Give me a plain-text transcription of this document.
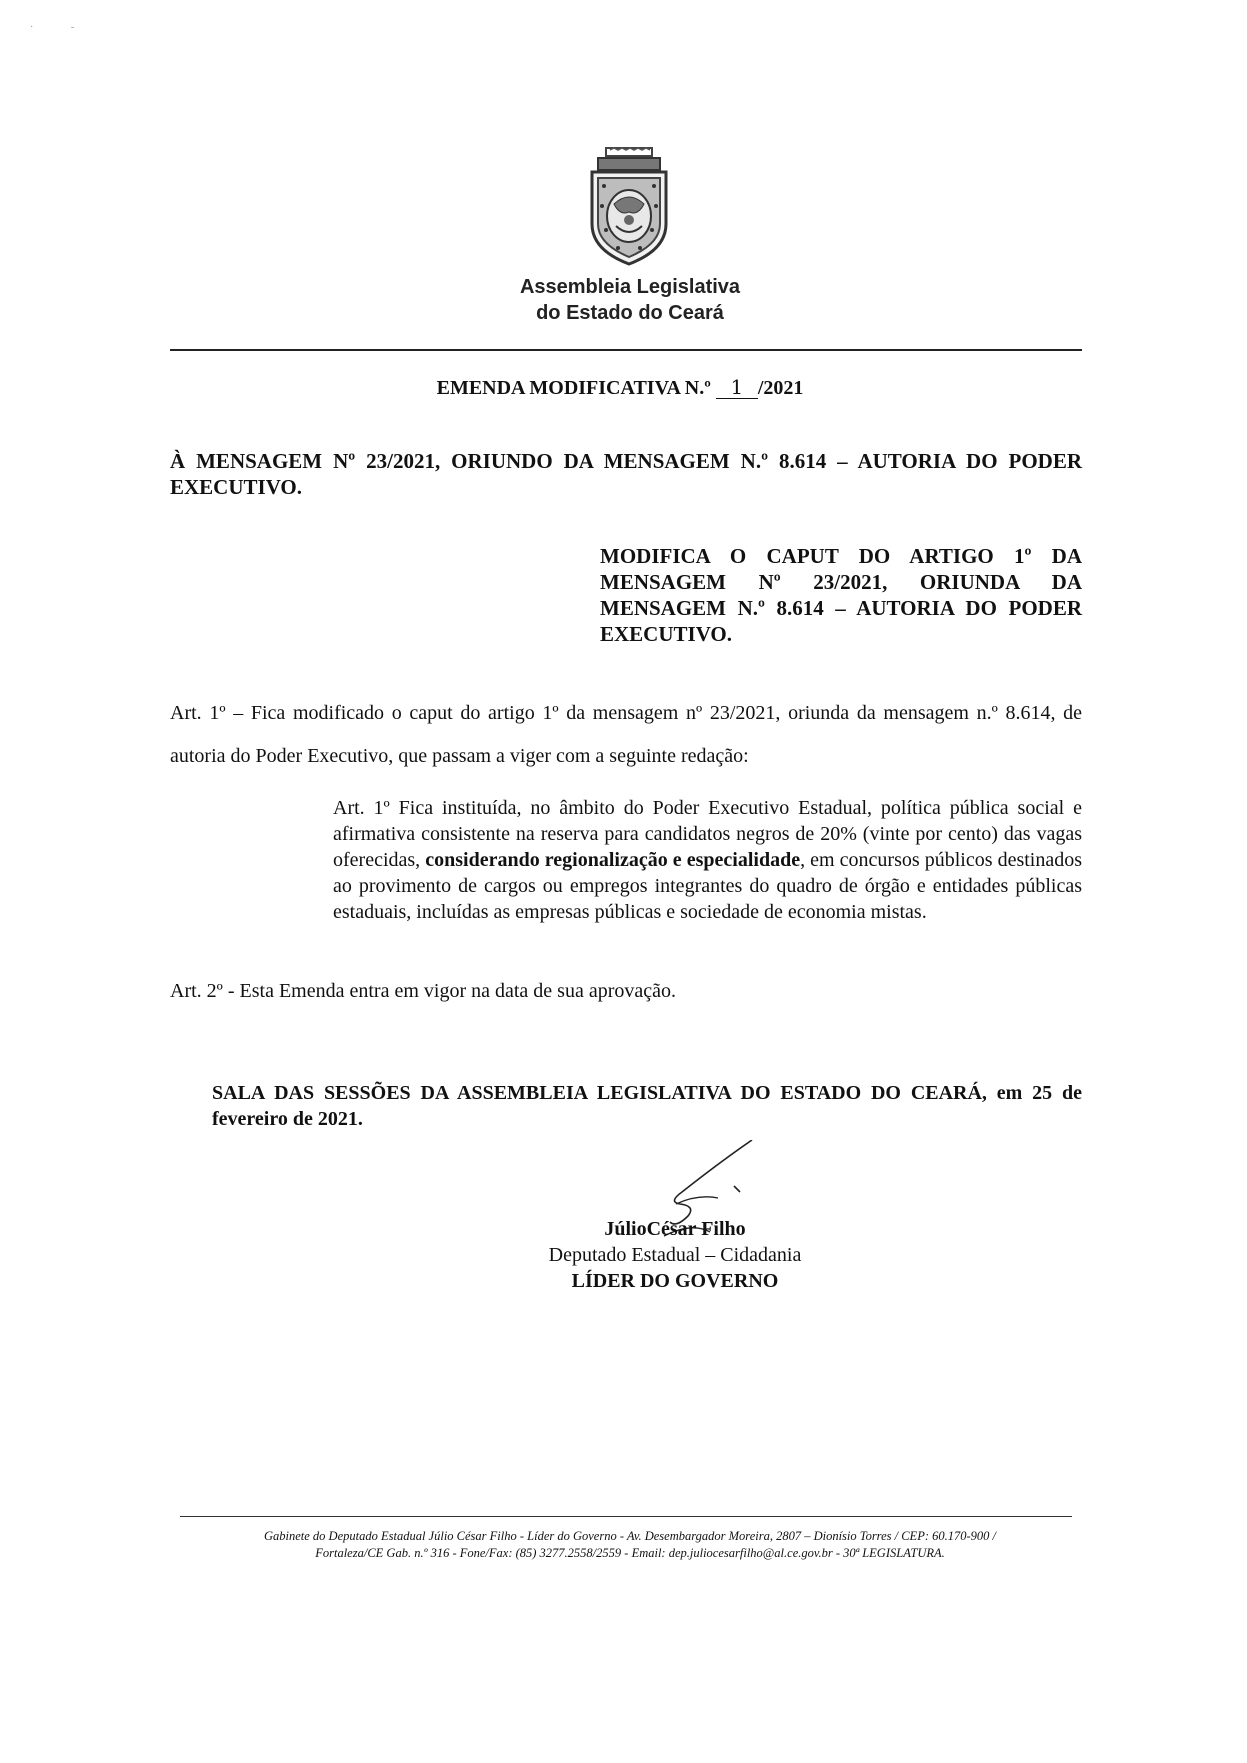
·               -
Assembleia Legislativa
do Estado do Ceará
EMENDA MODIFICATIVA N.º 1 /2021
À MENSAGEM Nº 23/2021, ORIUNDO DA MENSAGEM N.º 8.614 – AUTORIA DO PODER EXECUTIVO.
MODIFICA O CAPUT DO ARTIGO 1º DA MENSAGEM Nº 23/2021, ORIUNDA DA MENSAGEM N.º 8.614 – AUTORIA DO PODER EXECUTIVO.
Art. 1º – Fica modificado o caput do artigo 1º da mensagem nº 23/2021, oriunda da mensagem n.º 8.614, de autoria do Poder Executivo, que passam a viger com a seguinte redação:
Art. 1º Fica instituída, no âmbito do Poder Executivo Estadual, política pública social e afirmativa consistente na reserva para candidatos negros de 20% (vinte por cento) das vagas oferecidas, considerando regionalização e especialidade, em concursos públicos destinados ao provimento de cargos ou empregos integrantes do quadro de órgão e entidades públicas estaduais, incluídas as empresas públicas e sociedade de economia mistas.
Art. 2º - Esta Emenda entra em vigor na data de sua aprovação.
SALA DAS SESSÕES DA ASSEMBLEIA LEGISLATIVA DO ESTADO DO CEARÁ, em 25 de fevereiro de 2021.
JúlioCésar Filho
Deputado Estadual – Cidadania
LÍDER DO GOVERNO
Gabinete do Deputado Estadual Júlio César Filho - Líder do Governo - Av. Desembargador Moreira, 2807 – Dionísio Torres / CEP: 60.170-900 /
Fortaleza/CE Gab. n.º 316 - Fone/Fax: (85) 3277.2558/2559 - Email: dep.juliocesarfilho@al.ce.gov.br - 30ª LEGISLATURA.
